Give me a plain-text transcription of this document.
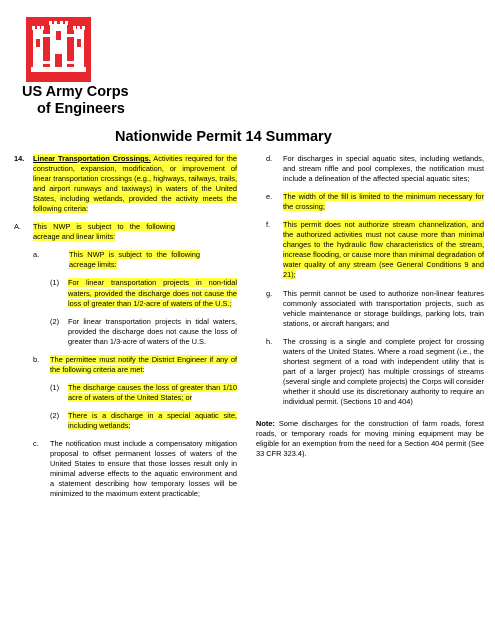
US Army Corps
of Engineers
Nationwide Permit 14 Summary
14. Linear Transportation Crossings. Activities required for the construction, expansion, modification, or improvement of linear transportation crossings (e.g., highways, railways, trails, and airport runways and taxiways) in waters of the United States, including wetlands, provided the activity meets the following criteria:
A. This NWP is subject to the following acreage and linear limits:
a.	This NWP is subject to the following acreage limits:
(1) For linear transportation projects in non-tidal waters, provided the discharge does not cause the loss of greater than 1/2-acre of waters of the U.S.;
(2) For linear transportation projects in tidal waters, provided the discharge does not cause the loss of greater than 1/3-acre of waters of the U.S.
b. The permittee must notify the District Engineer if any of the following criteria are met:
(1) The discharge causes the loss of greater than 1/10 acre of waters of the United States; or
(2) There is a discharge in a special aquatic site, including wetlands;
c. The notification must include a compensatory mitigation proposal to offset permanent losses of waters of the United States to ensure that those losses result only in minimal adverse effects to the aquatic environment and a statement describing how temporary losses will be minimized to the maximum extent practicable;
d. For discharges in special aquatic sites, including wetlands, and stream riffle and pool complexes, the notification must include a delineation of the affected special aquatic sites;
e. The width of the fill is limited to the minimum necessary for the crossing;
f. This permit does not authorize stream channelization, and the authorized activities must not cause more than minimal changes to the hydraulic flow characteristics of the stream, increase flooding, or cause more than minimal degradation of water quality of any stream (see General Conditions 9 and 21);
g. This permit cannot be used to authorize non-linear features commonly associated with transportation projects, such as vehicle maintenance or storage buildings, parking lots, train stations, or aircraft hangars; and
h. The crossing is a single and complete project for crossing waters of the United States. Where a road segment (i.e., the shortest segment of a road with independent utility that is part of a larger project) has multiple crossings of streams (several single and complete projects) the Corps will consider whether it should use its discretionary authority to require an individual permit. (Sections 10 and 404)
Note: Some discharges for the construction of farm roads, forest roads, or temporary roads for moving mining equipment may be eligible for an exemption from the need for a Section 404 permit (See 33 CFR 323.4).
